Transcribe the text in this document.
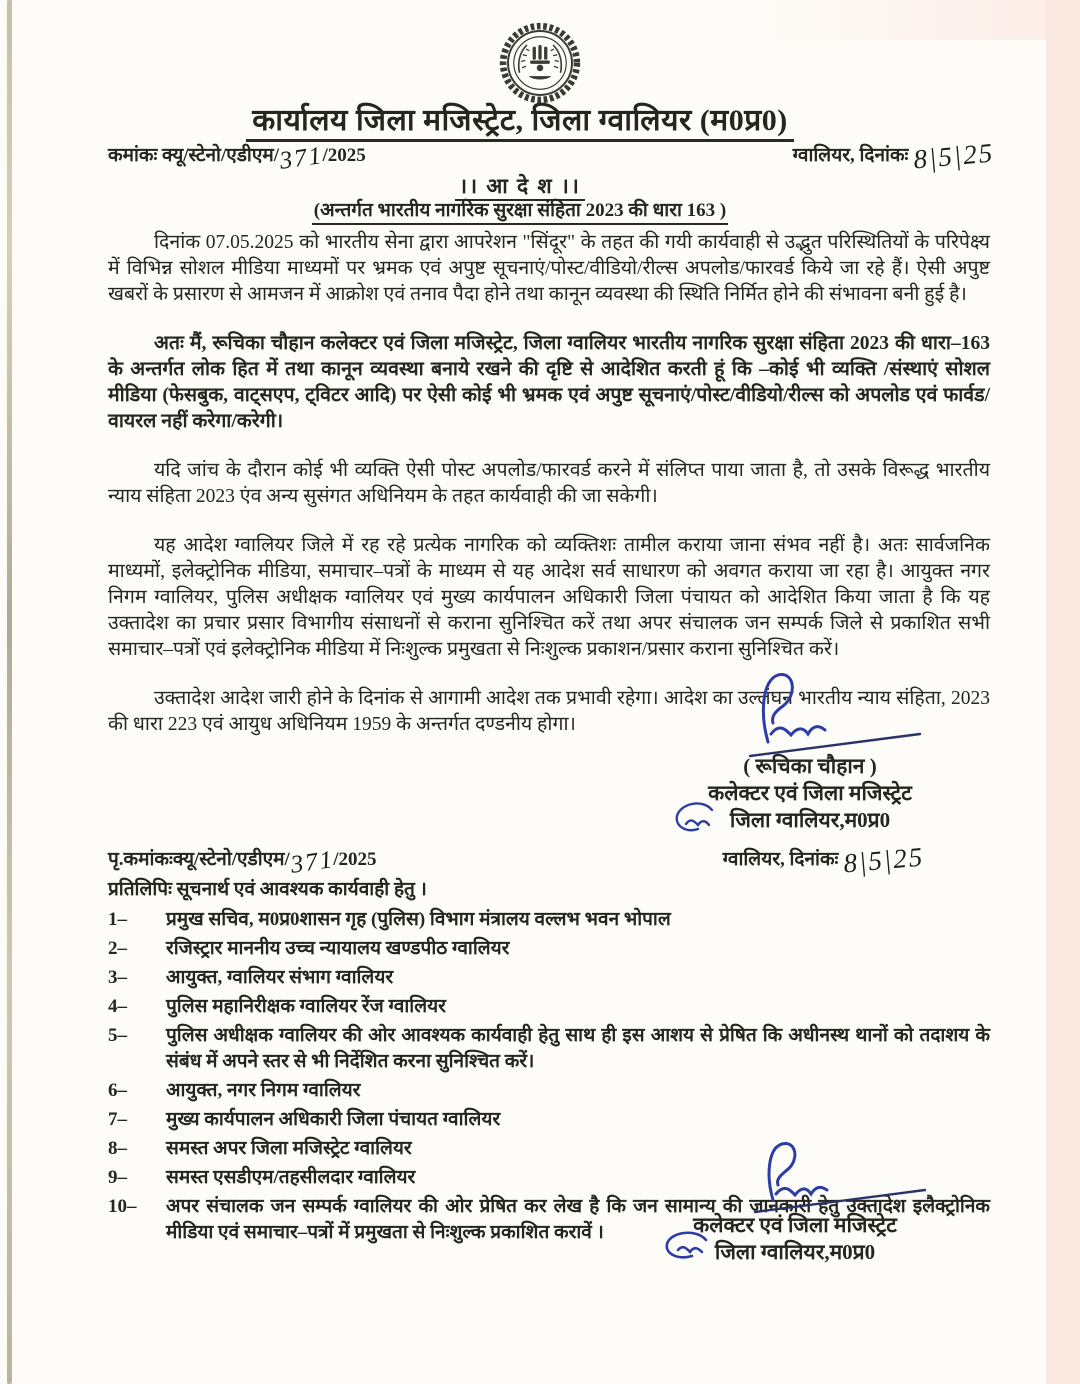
कार्यालय जिला मजिस्ट्रेट, जिला ग्वालियर (म0प्र0)
कमांकः क्यू/स्टेनो/एडीएम/371/2025	ग्वालियर, दिनांकः 8|5|25
।। आ दे श ।।
(अन्तर्गत भारतीय नागरिक सुरक्षा संहिता 2023 की धारा 163 )

दिनांक 07.05.2025 को भारतीय सेना द्वारा आपरेशन "सिंदूर" के तहत की गयी कार्यवाही से उद्भुत परिस्थितियों के परिपेक्ष्य में विभिन्न सोशल मीडिया माध्यमों पर भ्रमक एवं अपुष्ट सूचनाएं/पोस्ट/वीडियो/रील्स अपलोड/फारवर्ड किये जा रहे हैं। ऐसी अपुष्ट खबरों के प्रसारण से आमजन में आक्रोश एवं तनाव पैदा होने तथा कानून व्यवस्था की स्थिति निर्मित होने की संभावना बनी हुई है।

अतः मैं, रूचिका चौहान कलेक्टर एवं जिला मजिस्ट्रेट, जिला ग्वालियर भारतीय नागरिक सुरक्षा संहिता 2023 की धारा–163 के अन्तर्गत लोक हित में तथा कानून व्यवस्था बनाये रखने की दृष्टि से आदेशित करती हूं कि –कोई भी व्यक्ति /संस्थाएं सोशल मीडिया (फेसबुक, वाट्सएप, ट्विटर आदि) पर ऐसी कोई भी भ्रमक एवं अपुष्ट सूचनाएं/पोस्ट/वीडियो/रील्स को अपलोड एवं फार्वड/वायरल नहीं करेगा/करेगी।

यदि जांच के दौरान कोई भी व्यक्ति ऐसी पोस्ट अपलोड/फारवर्ड करने में संलिप्त पाया जाता है, तो उसके विरूद्ध भारतीय न्याय संहिता 2023 एंव अन्य सुसंगत अधिनियम के तहत कार्यवाही की जा सकेगी।

यह आदेश ग्वालियर जिले में रह रहे प्रत्येक नागरिक को व्यक्तिशः तामील कराया जाना संभव नहीं है। अतः सार्वजनिक माध्यमों, इलेक्ट्रोनिक मीडिया, समाचार–पत्रों के माध्यम से यह आदेश सर्व साधारण को अवगत कराया जा रहा है। आयुक्त नगर निगम ग्वालियर, पुलिस अधीक्षक ग्वालियर एवं मुख्य कार्यपालन अधिकारी जिला पंचायत को आदेशित किया जाता है कि यह उक्तादेश का प्रचार प्रसार विभागीय संसाधनों से कराना सुनिश्चित करें तथा अपर संचालक जन सम्पर्क जिले से प्रकाशित सभी समाचार–पत्रों एवं इलेक्ट्रोनिक मीडिया में निःशुल्क प्रमुखता से निःशुल्क प्रकाशन/प्रसार कराना सुनिश्चित करें।

उक्तादेश आदेश जारी होने के दिनांक से आगामी आदेश तक प्रभावी रहेगा। आदेश का उल्लंघन भारतीय न्याय संहिता, 2023 की धारा 223 एवं आयुध अधिनियम 1959 के अन्तर्गत दण्डनीय होगा।

( रूचिका चौहान )
कलेक्टर एवं जिला मजिस्ट्रेट
जिला ग्वालियर,म0प्र0
पृ.कमांकःक्यू/स्टेनो/एडीएम/371/2025	ग्वालियर, दिनांकः 8|5|25
प्रतिलिपिः सूचनार्थ एवं आवश्यक कार्यवाही हेतु ।
1–	प्रमुख सचिव, म0प्र0शासन गृह (पुलिस) विभाग मंत्रालय वल्लभ भवन भोपाल
2–	रजिस्ट्रार माननीय उच्च न्यायालय खण्डपीठ ग्वालियर
3–	आयुक्त, ग्वालियर संभाग ग्वालियर
4–	पुलिस महानिरीक्षक ग्वालियर रेंज ग्वालियर
5–	पुलिस अधीक्षक ग्वालियर की ओर आवश्यक कार्यवाही हेतु साथ ही इस आशय से प्रेषित कि अधीनस्थ थानों को तदाशय के संबंध में अपने स्तर से भी निर्देशित करना सुनिश्चित करें।
6–	आयुक्त, नगर निगम ग्वालियर
7–	मुख्य कार्यपालन अधिकारी जिला पंचायत ग्वालियर
8–	समस्त अपर जिला मजिस्ट्रेट ग्वालियर
9–	समस्त एसडीएम/तहसीलदार ग्वालियर
10–	अपर संचालक जन सम्पर्क ग्वालियर की ओर प्रेषित कर लेख है कि जन सामान्य की जानकारी हेतु उक्तादेश इलैक्ट्रोनिक मीडिया एवं समाचार–पत्रों में प्रमुखता से निःशुल्क प्रकाशित करावें ।	कलेक्टर एवं जिला मजिस्ट्रेट
जिला ग्वालियर,म0प्र0
